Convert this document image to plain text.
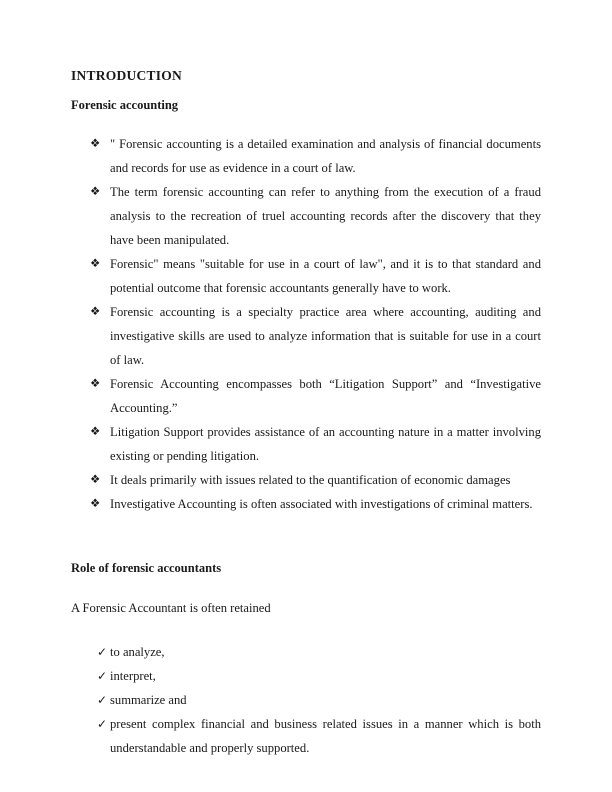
INTRODUCTION
Forensic accounting
❖ " Forensic accounting is a detailed examination and analysis of financial documents and records for use as evidence in a court of law.
❖ The term forensic accounting can refer to anything from the execution of a fraud analysis to the recreation of truel accounting records after the discovery that they have been manipulated.
❖ Forensic" means "suitable for use in a court of law", and it is to that standard and potential outcome that forensic accountants generally have to work.
❖ Forensic accounting is a specialty practice area where accounting, auditing and investigative skills are used to analyze information that is suitable for use in a court of law.
❖ Forensic Accounting encompasses both “Litigation Support” and “Investigative Accounting.”
❖ Litigation Support provides assistance of an accounting nature in a matter involving existing or pending litigation.
❖ It deals primarily with issues related to the quantification of economic damages
❖ Investigative Accounting is often associated with investigations of criminal matters.
Role of forensic accountants
A Forensic Accountant is often retained
✓ to analyze,
✓ interpret,
✓ summarize and
✓ present complex financial and business related issues in a manner which is both understandable and properly supported.
